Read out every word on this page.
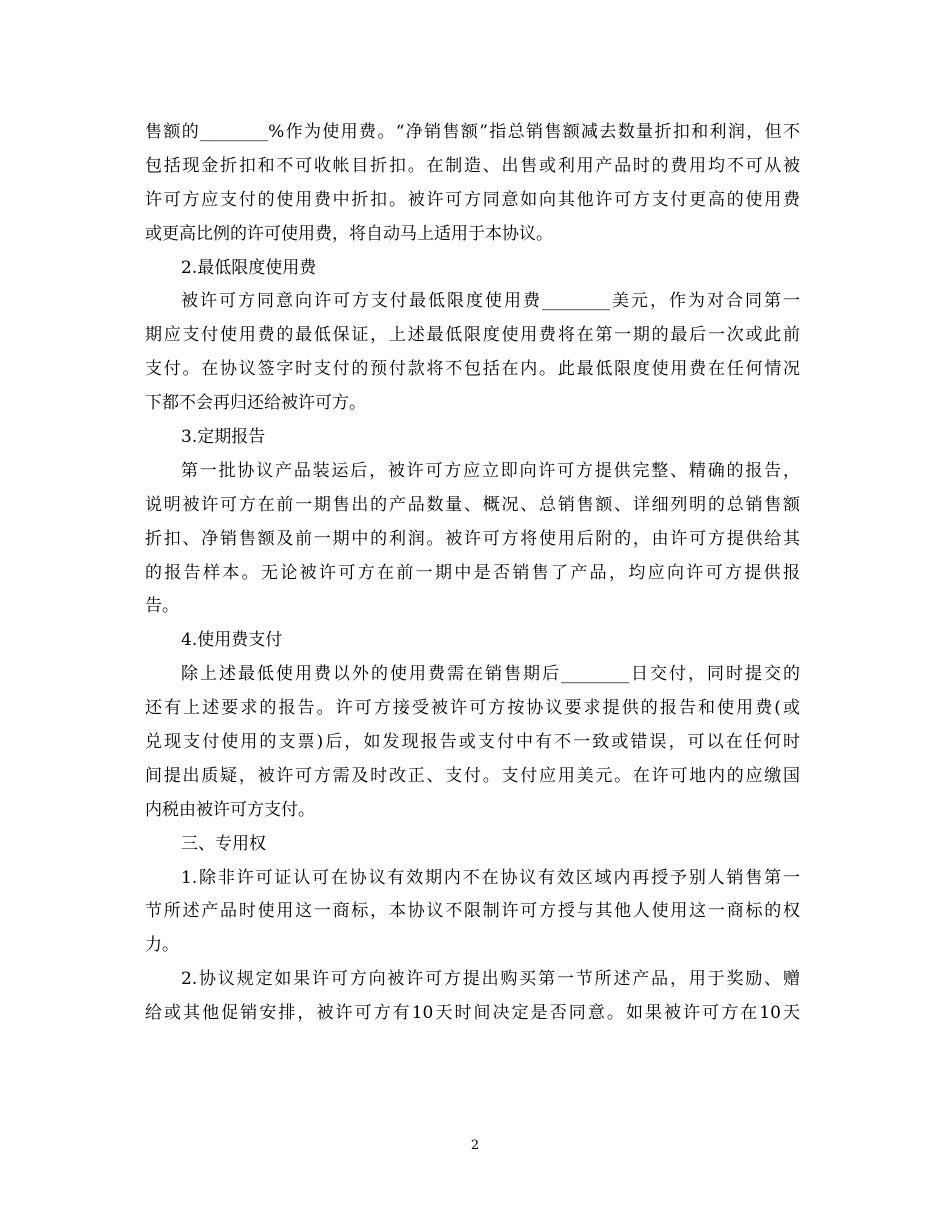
售额的________%作为使用费。“净销售额”指总销售额减去数量折扣和利润，但不
包括现金折扣和不可收帐目折扣。在制造、出售或利用产品时的费用均不可从被
许可方应支付的使用费中折扣。被许可方同意如向其他许可方支付更高的使用费
或更高比例的许可使用费，将自动马上适用于本协议。
2.最低限度使用费
被许可方同意向许可方支付最低限度使用费________美元，作为对合同第一
期应支付使用费的最低保证，上述最低限度使用费将在第一期的最后一次或此前
支付。在协议签字时支付的预付款将不包括在内。此最低限度使用费在任何情况
下都不会再归还给被许可方。
3.定期报告
第一批协议产品装运后，被许可方应立即向许可方提供完整、精确的报告，
说明被许可方在前一期售出的产品数量、概况、总销售额、详细列明的总销售额
折扣、净销售额及前一期中的利润。被许可方将使用后附的，由许可方提供给其
的报告样本。无论被许可方在前一期中是否销售了产品，均应向许可方提供报
告。
4.使用费支付
除上述最低使用费以外的使用费需在销售期后________日交付，同时提交的
还有上述要求的报告。许可方接受被许可方按协议要求提供的报告和使用费(或
兑现支付使用的支票)后，如发现报告或支付中有不一致或错误，可以在任何时
间提出质疑，被许可方需及时改正、支付。支付应用美元。在许可地内的应缴国
内税由被许可方支付。
三、专用权
1.除非许可证认可在协议有效期内不在协议有效区域内再授予别人销售第一
节所述产品时使用这一商标，本协议不限制许可方授与其他人使用这一商标的权
力。
2.协议规定如果许可方向被许可方提出购买第一节所述产品，用于奖励、赠
给或其他促销安排，被许可方有10天时间决定是否同意。如果被许可方在10天
2
